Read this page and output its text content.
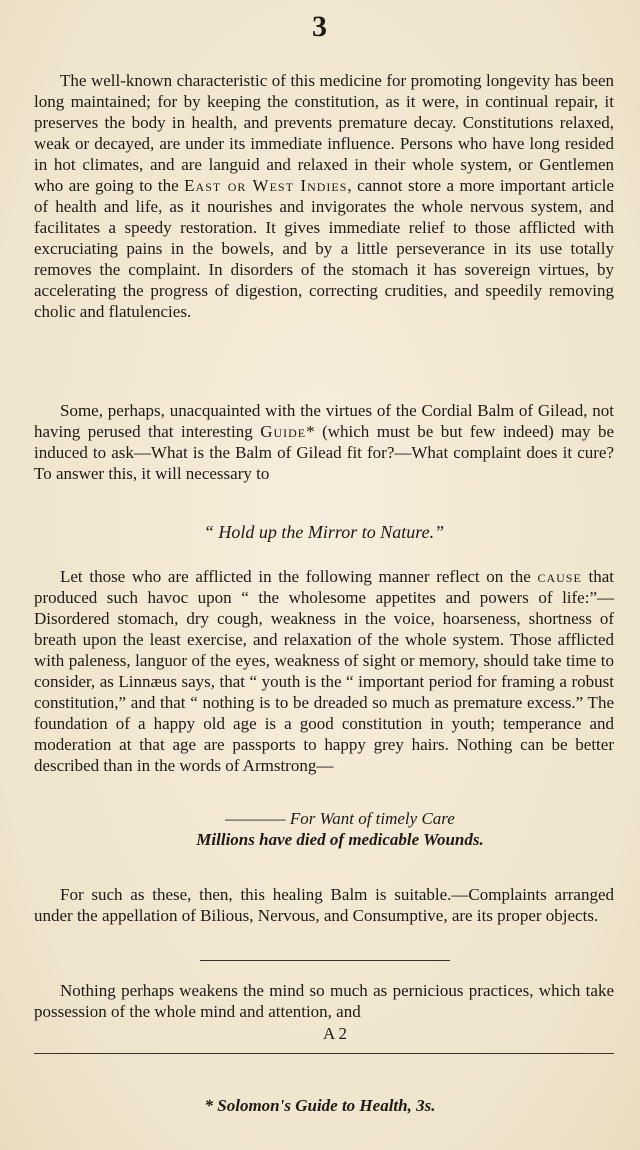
3

The well-known characteristic of this medicine for promoting longevity has been long maintained; for by keeping the constitution, as it were, in continual repair, it preserves the body in health, and prevents premature decay. Constitutions relaxed, weak or decayed, are under its immediate influence. Persons who have long resided in hot climates, and are languid and relaxed in their whole system, or Gentlemen who are going to the East or West Indies, cannot store a more important article of health and life, as it nourishes and invigorates the whole nervous system, and facilitates a speedy restoration. It gives immediate relief to those afflicted with excruciating pains in the bowels, and by a little perseverance in its use totally removes the complaint. In disorders of the stomach it has sovereign virtues, by accelerating the progress of digestion, correcting crudities, and speedily removing cholic and flatulencies.

Some, perhaps, unacquainted with the virtues of the Cordial Balm of Gilead, not having perused that interesting Guide* (which must be but few indeed) may be induced to ask—What is the Balm of Gilead fit for?—What complaint does it cure? To answer this, it will necessary to

“ Hold up the Mirror to Nature.”

Let those who are afflicted in the following manner reflect on the cause that produced such havoc upon “ the wholesome appetites and powers of life:”—Disordered stomach, dry cough, weakness in the voice, hoarseness, shortness of breath upon the least exercise, and relaxation of the whole system. Those afflicted with paleness, languor of the eyes, weakness of sight or memory, should take time to consider, as Linnæus says, that “ youth is the “ important period for framing a robust constitution,” and that “ nothing is to be dreaded so much as premature excess.” The foundation of a happy old age is a good constitution in youth; temperance and moderation at that age are passports to happy grey hairs. Nothing can be better described than in the words of Armstrong—

———— For Want of timely Care
Millions have died of medicable Wounds.

For such as these, then, this healing Balm is suitable.—Complaints arranged under the appellation of Bilious, Nervous, and Consumptive, are its proper objects.

Nothing perhaps weakens the mind so much as pernicious practices, which take possession of the whole mind and attention, and

A 2
* Solomon's Guide to Health, 3s.
